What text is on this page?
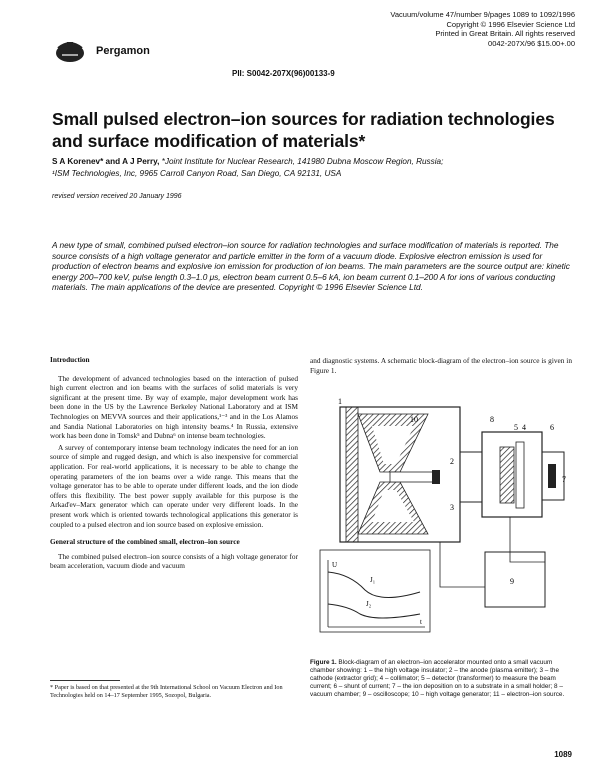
Pergamon
Vacuum/volume 47/number 9/pages 1089 to 1092/1996
Copyright © 1996 Elsevier Science Ltd
Printed in Great Britain. All rights reserved
0042-207X/96 $15.00+.00
PII: S0042-207X(96)00133-9
Small pulsed electron–ion sources for radiation technologies and surface modification of materials*
S A Korenev* and A J Perry, *Joint Institute for Nuclear Research, 141980 Dubna Moscow Region, Russia;
¹ISM Technologies, Inc, 9965 Carroll Canyon Road, San Diego, CA 92131, USA
revised version received 20 January 1996
A new type of small, combined pulsed electron–ion source for radiation technologies and surface modification of materials is reported. The source consists of a high voltage generator and particle emitter in the form of a vacuum diode. Explosive electron emission is used for production of electron beams and explosive ion emission for production of ion beams. The main parameters are the source output are: kinetic energy 200–700 keV, pulse length 0.3–1.0 μs, electron beam current 0.5–6 kA, ion beam current 0.1–200 A for ions of various conducting materials. The main applications of the device are presented. Copyright © 1996 Elsevier Science Ltd.
Introduction

The development of advanced technologies based on the interaction of pulsed high current electron and ion beams with the surfaces of solid materials is very significant at the present time. By way of example, major development work has been done in the US by the Lawrence Berkeley National Laboratory and at ISM Technologies on MEVVA sources and their applications,¹⁻³ and in the Los Alamos and Sandia National Laboratories on high intensity beams.⁴ In Russia, extensive work has been done in Tomsk⁵ and Dubna⁶ on intense beam technologies.

A survey of contemporary intense beam technology indicates the need for an ion source of simple and rugged design, and which is also inexpensive for commercial application. For real-world applications, it is necessary to be able to change the operating parameters of the ion beams over a wide range. This means that the voltage generator has to be able to operate under different loads, and the ion diode offers this flexibility. The best power supply available for this purpose is the Arkad'ev–Marx generator which can operate under very different loads. In the present work which is oriented towards technological applications this generator is coupled to a pulsed electron and ion source based on explosive emission.

General structure of the combined small, electron–ion source

The combined pulsed electron–ion source consists of a high voltage generator for beam acceleration, vacuum diode and vacuum

* Paper is based on that presented at the 9th International School on Vacuum Electron and Ion Technologies held on 14–17 September 1995, Sozopol, Bulgaria.

and diagnostic systems. A schematic block-diagram of the electron–ion source is given in Figure 1.

1
2
3
4
5	6
7
8
9
10
J₁
J₂
U
t
Figure 1. Block-diagram of an electron–ion accelerator mounted onto a small vacuum chamber showing: 1 – the high voltage insulator; 2 – the anode (plasma emitter); 3 – the cathode (extractor grid); 4 – collimator; 5 – detector (transformer) to measure the beam current; 6 – shunt of current; 7 – the ion deposition on to a substrate in a small holder; 8 – vacuum chamber; 9 – oscilloscope; 10 – high voltage generator; 11 – electron–ion source.
1089
